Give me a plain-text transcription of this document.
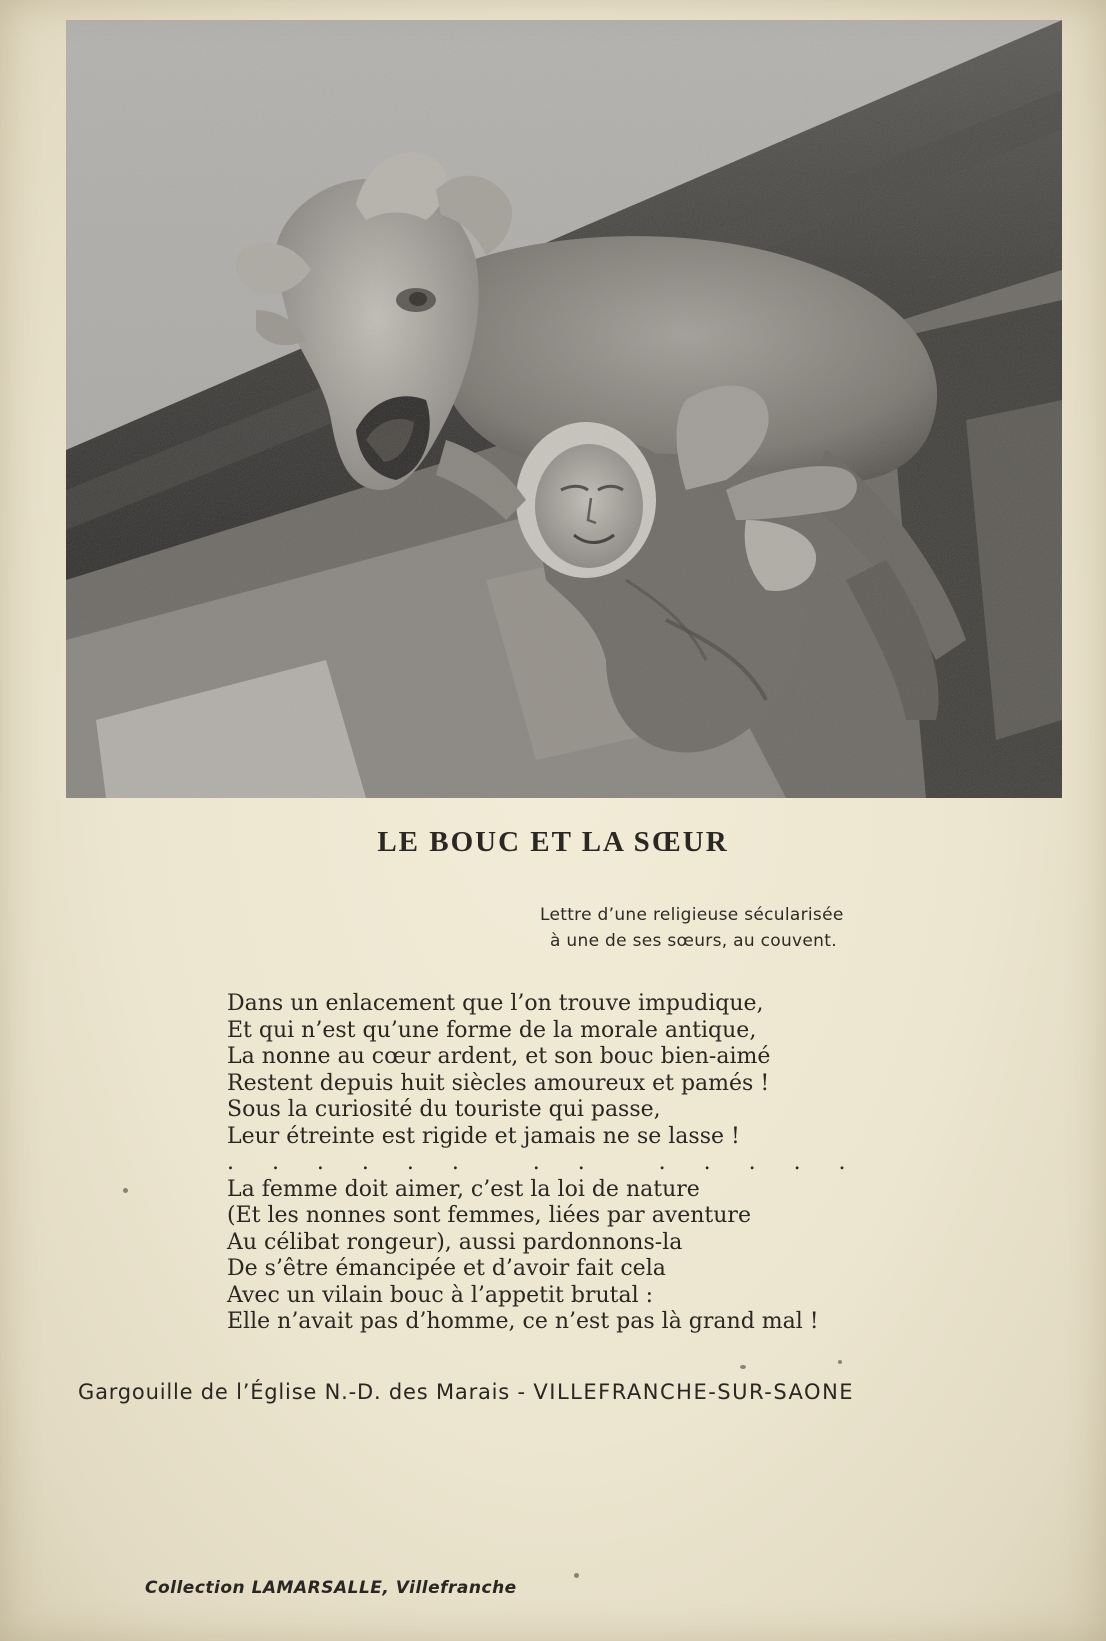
LE BOUC ET LA SŒUR
Lettre d’une religieuse sécularisée
à une de ses sœurs, au couvent.
Dans un enlacement que l’on trouve impudique,
Et qui n’est qu’une forme de la morale antique,
La nonne au cœur ardent, et son bouc bien-aimé
Restent depuis huit siècles amoureux et pamés !
Sous la curiosité du touriste qui passe,
Leur étreinte est rigide et jamais ne se lasse !
.    .    .    .    .    .        .    .        .    .    .    .    .
La femme doit aimer, c’est la loi de nature
(Et les nonnes sont femmes, liées par aventure
Au célibat rongeur), aussi pardonnons-la
De s’être émancipée et d’avoir fait cela
Avec un vilain bouc à l’appetit brutal :
Elle n’avait pas d’homme, ce n’est pas là grand mal !
Gargouille de l’Église N.-D. des Marais - VILLEFRANCHE-SUR-SAONE
Collection LAMARSALLE, Villefranche
